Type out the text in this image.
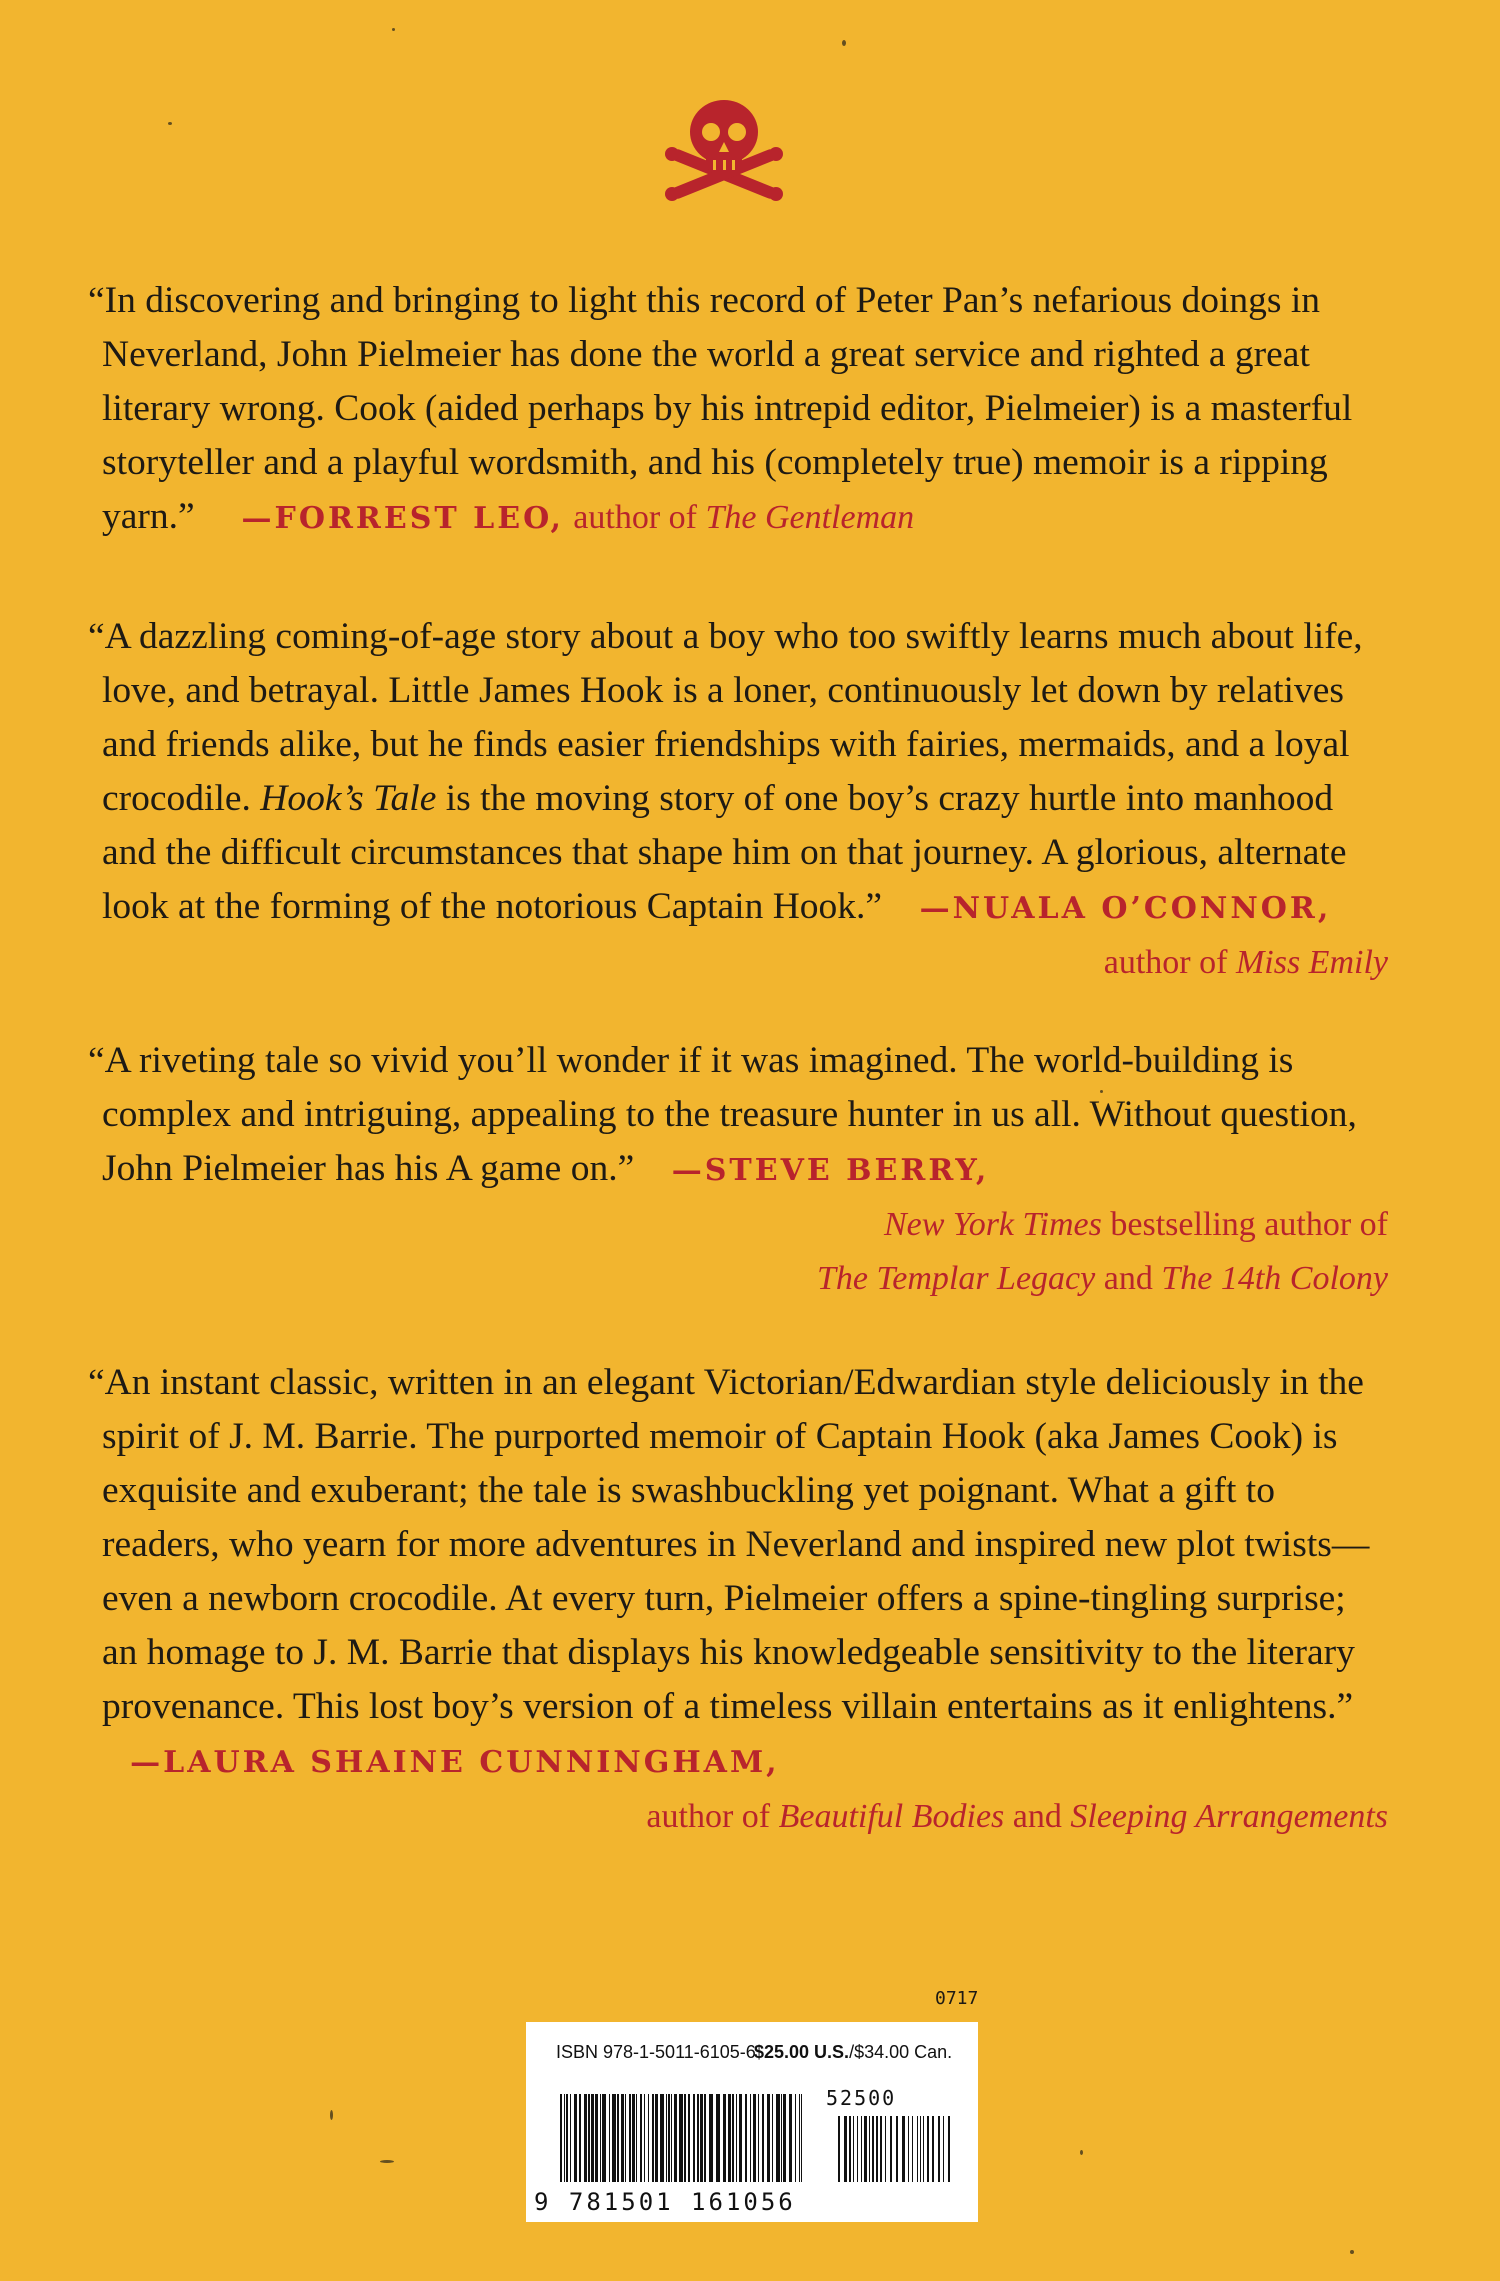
“In discovering and bringing to light this record of Peter Pan’s nefarious doings in Neverland, John Pielmeier has done the world a great service and righted a great literary wrong. Cook (aided perhaps by his intrepid editor, Pielmeier) is a masterful storyteller and a playful wordsmith, and his (completely true) memoir is a ripping yarn.” —FORREST LEO, author of The Gentleman

“A dazzling coming-of-age story about a boy who too swiftly learns much about life, love, and betrayal. Little James Hook is a loner, continuously let down by relatives and friends alike, but he finds easier friendships with fairies, mermaids, and a loyal crocodile. Hook’s Tale is the moving story of one boy’s crazy hurtle into manhood and the difficult circumstances that shape him on that journey. A glorious, alternate look at the forming of the notorious Captain Hook.” —NUALA O’CONNOR,

author of Miss Emily

“A riveting tale so vivid you’ll wonder if it was imagined. The world-building is complex and intriguing, appealing to the treasure hunter in us all. Without question, John Pielmeier has his A game on.” —STEVE BERRY,

New York Times bestselling author of

The Templar Legacy and The 14th Colony

“An instant classic, written in an elegant Victorian/Edwardian style deliciously in the spirit of J. M. Barrie. The purported memoir of Captain Hook (aka James Cook) is exquisite and exuberant; the tale is swashbuckling yet poignant. What a gift to readers, who yearn for more adventures in Neverland and inspired new plot twists—even a newborn crocodile. At every turn, Pielmeier offers a spine-tingling surprise; an homage to J. M. Barrie that displays his knowledgeable sensitivity to the literary provenance. This lost boy’s version of a timeless villain entertains as it enlightens.”    —LAURA SHAINE CUNNINGHAM,

author of Beautiful Bodies and Sleeping Arrangements

0717
ISBN 978-1-5011-6105-6
$25.00 U.S./$34.00 Can.
52500
9 781501 161056
